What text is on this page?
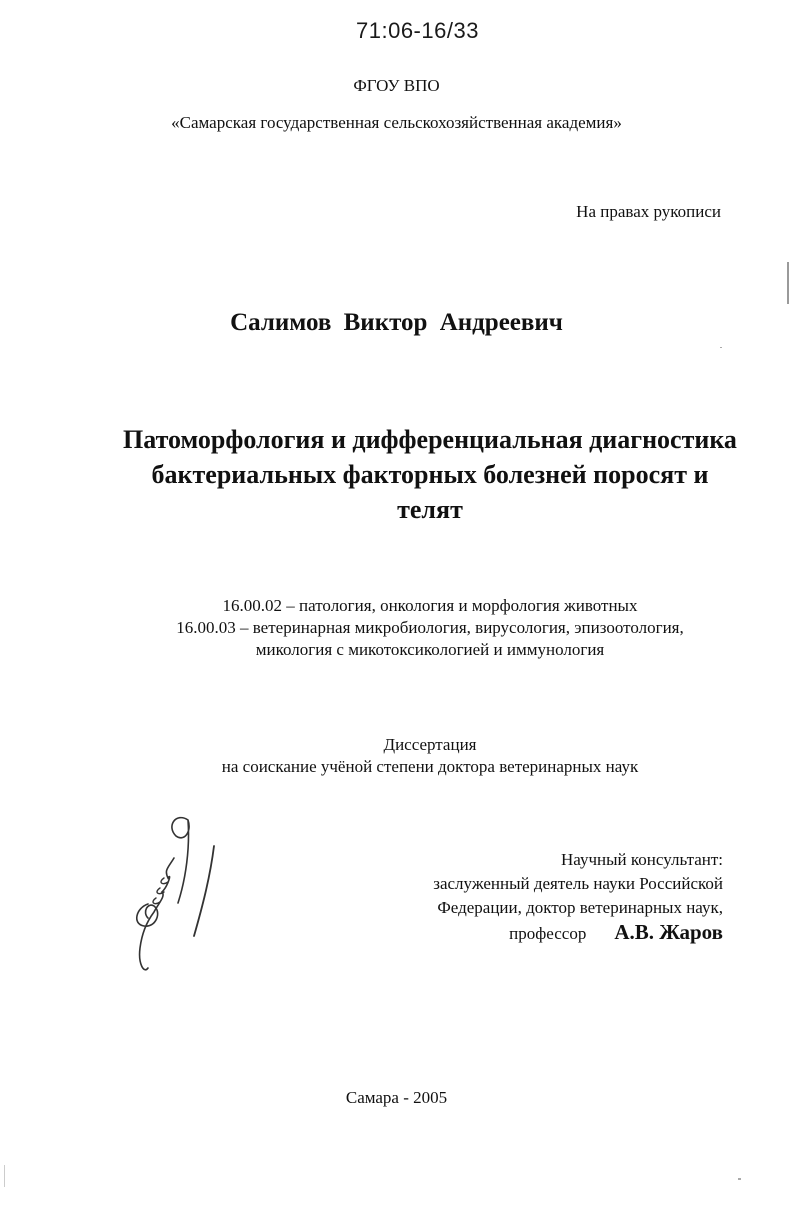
71:06-16/33
ФГОУ ВПО
«Самарская государственная сельскохозяйственная академия»
На правах рукописи
Салимов Виктор Андреевич
Патоморфология и дифференциальная диагностика
бактериальных факторных болезней поросят и
телят
16.00.02 – патология, онкология и морфология животных
16.00.03 – ветеринарная микробиология, вирусология, эпизоотология,
микология с микотоксикологией и иммунология
Диссертация
на соискание учёной степени доктора ветеринарных наук
Научный консультант:
заслуженный деятель науки Российской
Федерации, доктор ветеринарных наук,
профессор А.В. Жаров
Самара - 2005
